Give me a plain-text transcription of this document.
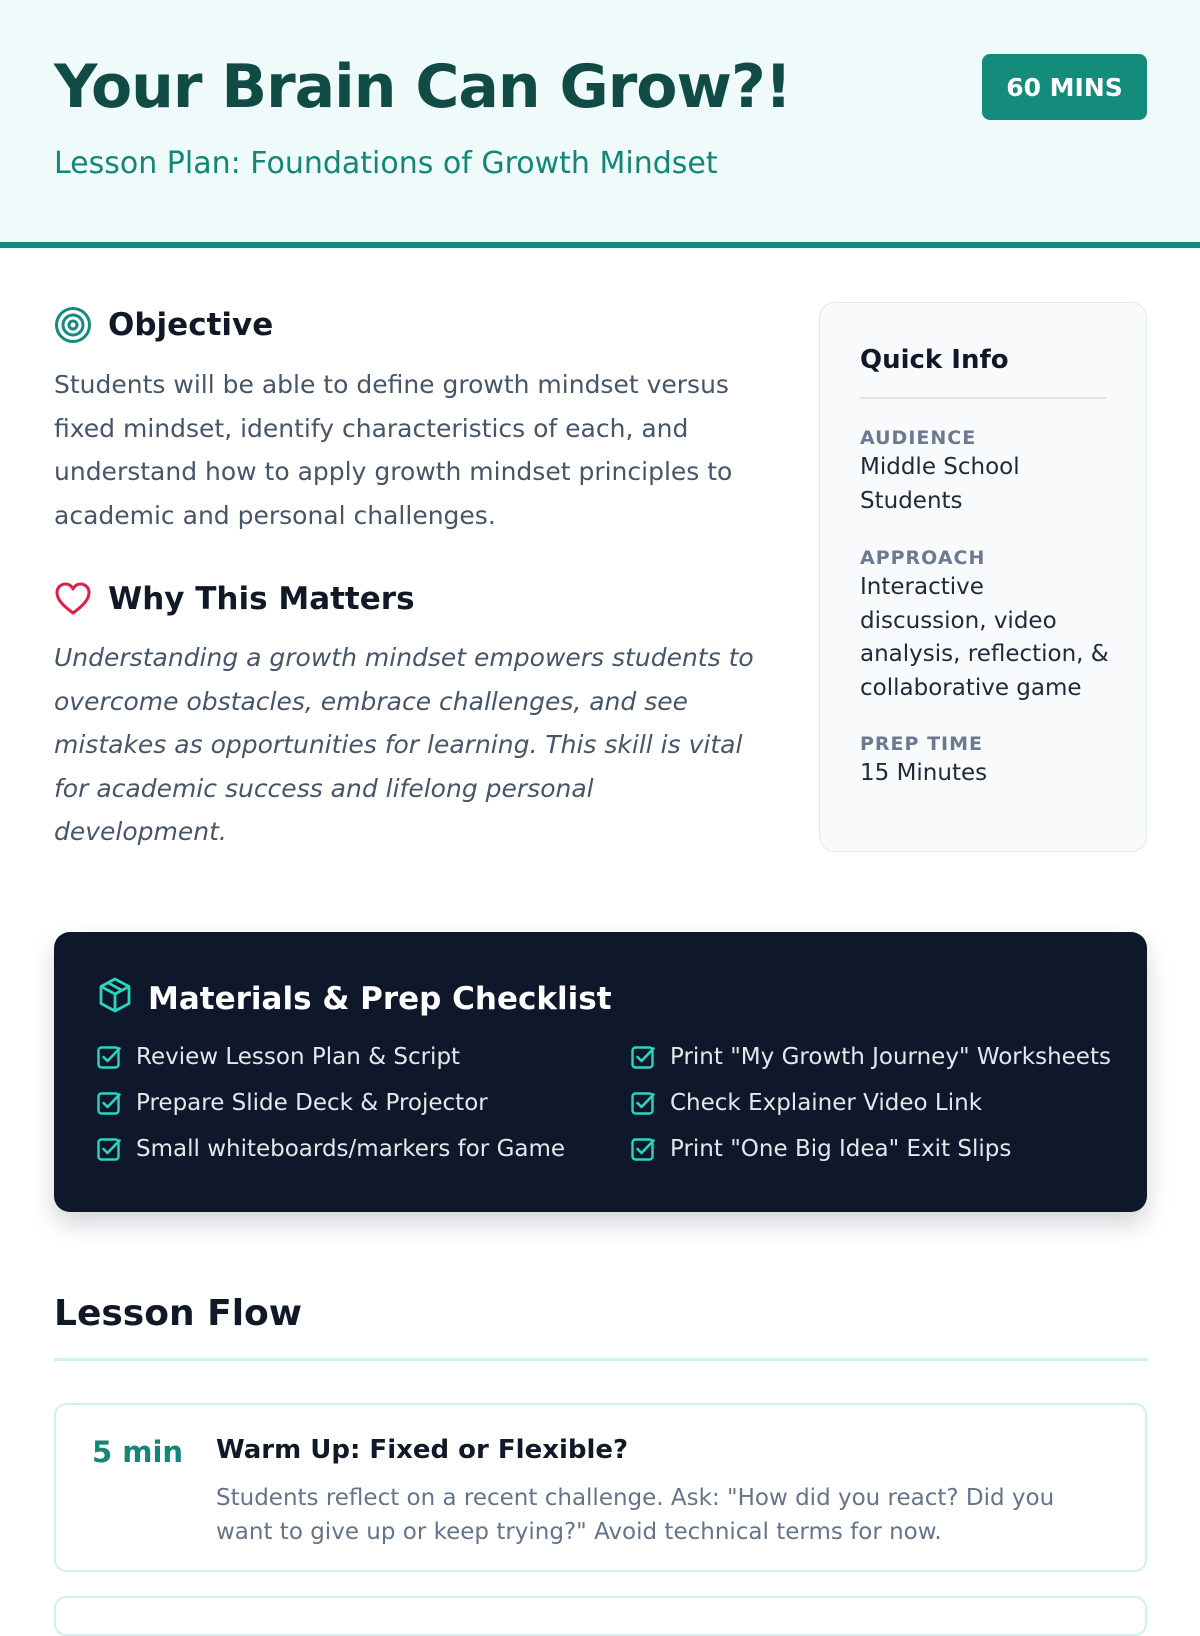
Your Brain Can Grow?!
Lesson Plan: Foundations of Growth Mindset
60 MINS
Objective

Students will be able to define growth mindset versus fixed mindset, identify characteristics of each, and understand how to apply growth mindset principles to academic and personal challenges.

Why This Matters

Understanding a growth mindset empowers students to overcome obstacles, embrace challenges, and see mistakes as opportunities for learning. This skill is vital for academic success and lifelong personal development.

Quick Info
AUDIENCE
Middle School Students
APPROACH
Interactive discussion, video analysis, reflection, & collaborative game
PREP TIME
15 Minutes
Materials & Prep Checklist
Review Lesson Plan & Script	Print "My Growth Journey" Worksheets
Prepare Slide Deck & Projector	Check Explainer Video Link
Small whiteboards/markers for Game	Print "One Big Idea" Exit Slips
Lesson Flow
5 min Warm Up: Fixed or Flexible?

Students reflect on a recent challenge. Ask: "How did you react? Did you want to give up or keep trying?" Avoid technical terms for now.
